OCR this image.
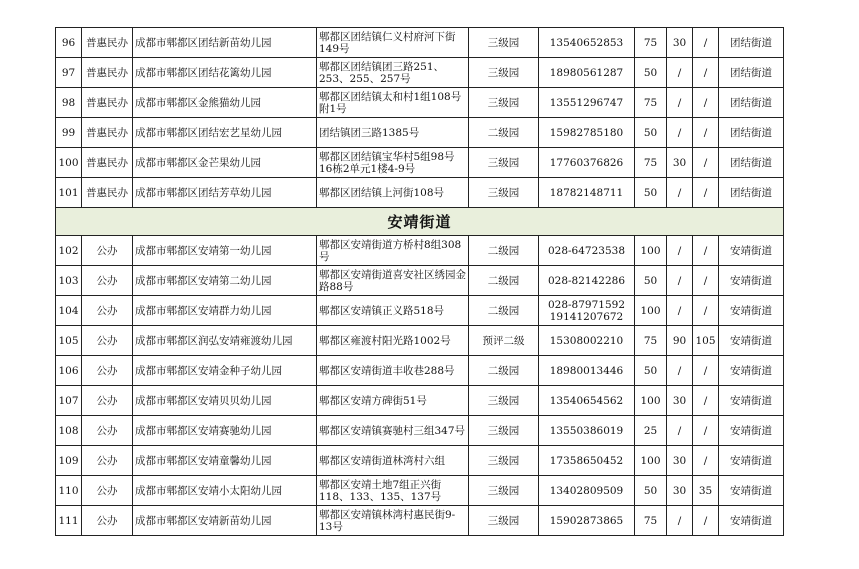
96	普惠民办	成都市郫都区团结新苗幼儿园	郫都区团结镇仁义村府河下街149号	三级园	13540652853	75	30	/	团结街道
97	普惠民办	成都市郫都区团结花篱幼儿园	郫都区团结镇团三路251、253、255、257号	三级园	18980561287	50	/	/	团结街道
98	普惠民办	成都市郫都区金熊猫幼儿园	郫都区团结镇太和村1组108号附1号	三级园	13551296747	75	/	/	团结街道
99	普惠民办	成都市郫都区团结宏艺星幼儿园	团结镇团三路1385号	二级园	15982785180	50	/	/	团结街道
100	普惠民办	成都市郫都区金芒果幼儿园	郫都区团结镇宝华村5组98号16栋2单元1楼4-9号	三级园	17760376826	75	30	/	团结街道
101	普惠民办	成都市郫都区团结芳草幼儿园	郫都区团结镇上河街108号	三级园	18782148711	50	/	/	团结街道
安靖街道									
102	公办	成都市郫都区安靖第一幼儿园	郫都区安靖街道方桥村8组308号	二级园	028-64723538	100	/	/	安靖街道
103	公办	成都市郫都区安靖第二幼儿园	郫都区安靖街道喜安社区绣园金路88号	二级园	028-82142286	50	/	/	安靖街道
104	公办	成都市郫都区安靖群力幼儿园	郫都区安靖镇正义路518号	二级园	028-87971592 19141207672	100	/	/	安靖街道
105	公办	成都市郫都区润弘安靖雍渡幼儿园	郫都区雍渡村阳光路1002号	预评二级	15308002210	75	90	105	安靖街道
106	公办	成都市郫都区安靖金种子幼儿园	郫都区安靖街道丰收巷288号	二级园	18980013446	50	/	/	安靖街道
107	公办	成都市郫都区安靖贝贝幼儿园	郫都区安靖方碑街51号	三级园	13540654562	100	30	/	安靖街道
108	公办	成都市郫都区安靖赛驰幼儿园	郫都区安靖镇赛驰村三组347号	三级园	13550386019	25	/	/	安靖街道
109	公办	成都市郫都区安靖童馨幼儿园	郫都区安靖街道林湾村六组	三级园	17358650452	100	30	/	安靖街道
110	公办	成都市郫都区安靖小太阳幼儿园	郫都区安靖土地7组正兴街118、133、135、137号	三级园	13402809509	50	30	35	安靖街道
111	公办	成都市郫都区安靖新苗幼儿园	郫都区安靖镇林湾村惠民街9-13号	三级园	15902873865	75	/	/	安靖街道
